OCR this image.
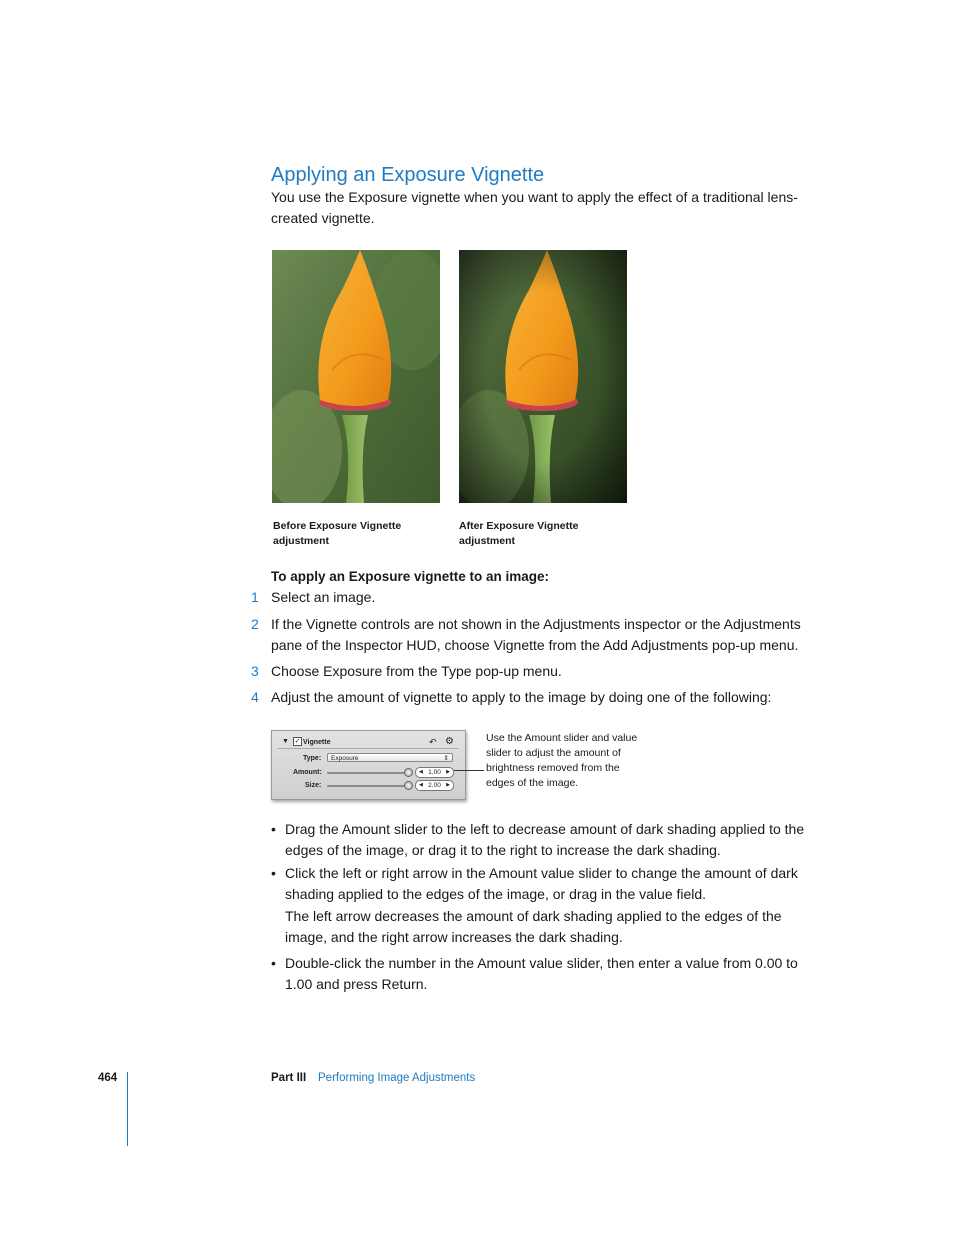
Applying an Exposure Vignette
You use the Exposure vignette when you want to apply the effect of a traditional lens-created vignette.
Before Exposure Vignette adjustment
After Exposure Vignette adjustment
To apply an Exposure vignette to an image:
1 Select an image.
2 If the Vignette controls are not shown in the Adjustments inspector or the Adjustments pane of the Inspector HUD, choose Vignette from the Add Adjustments pop-up menu.
3 Choose Exposure from the Type pop-up menu.
4 Adjust the amount of vignette to apply to the image by doing one of the following:
▼ ✓ Vignette	↶ ⚙
Type:	Exposure	⇕
Amount:	◀ 1.00 ▶
Size:	◀ 2.00 ▶
Use the Amount slider and value slider to adjust the amount of brightness removed from the edges of the image.
• Drag the Amount slider to the left to decrease amount of dark shading applied to the edges of the image, or drag it to the right to increase the dark shading.
• Click the left or right arrow in the Amount value slider to change the amount of dark shading applied to the edges of the image, or drag in the value field.
The left arrow decreases the amount of dark shading applied to the edges of the image, and the right arrow increases the dark shading.
• Double-click the number in the Amount value slider, then enter a value from 0.00 to 1.00 and press Return.
464	Part III Performing Image Adjustments
